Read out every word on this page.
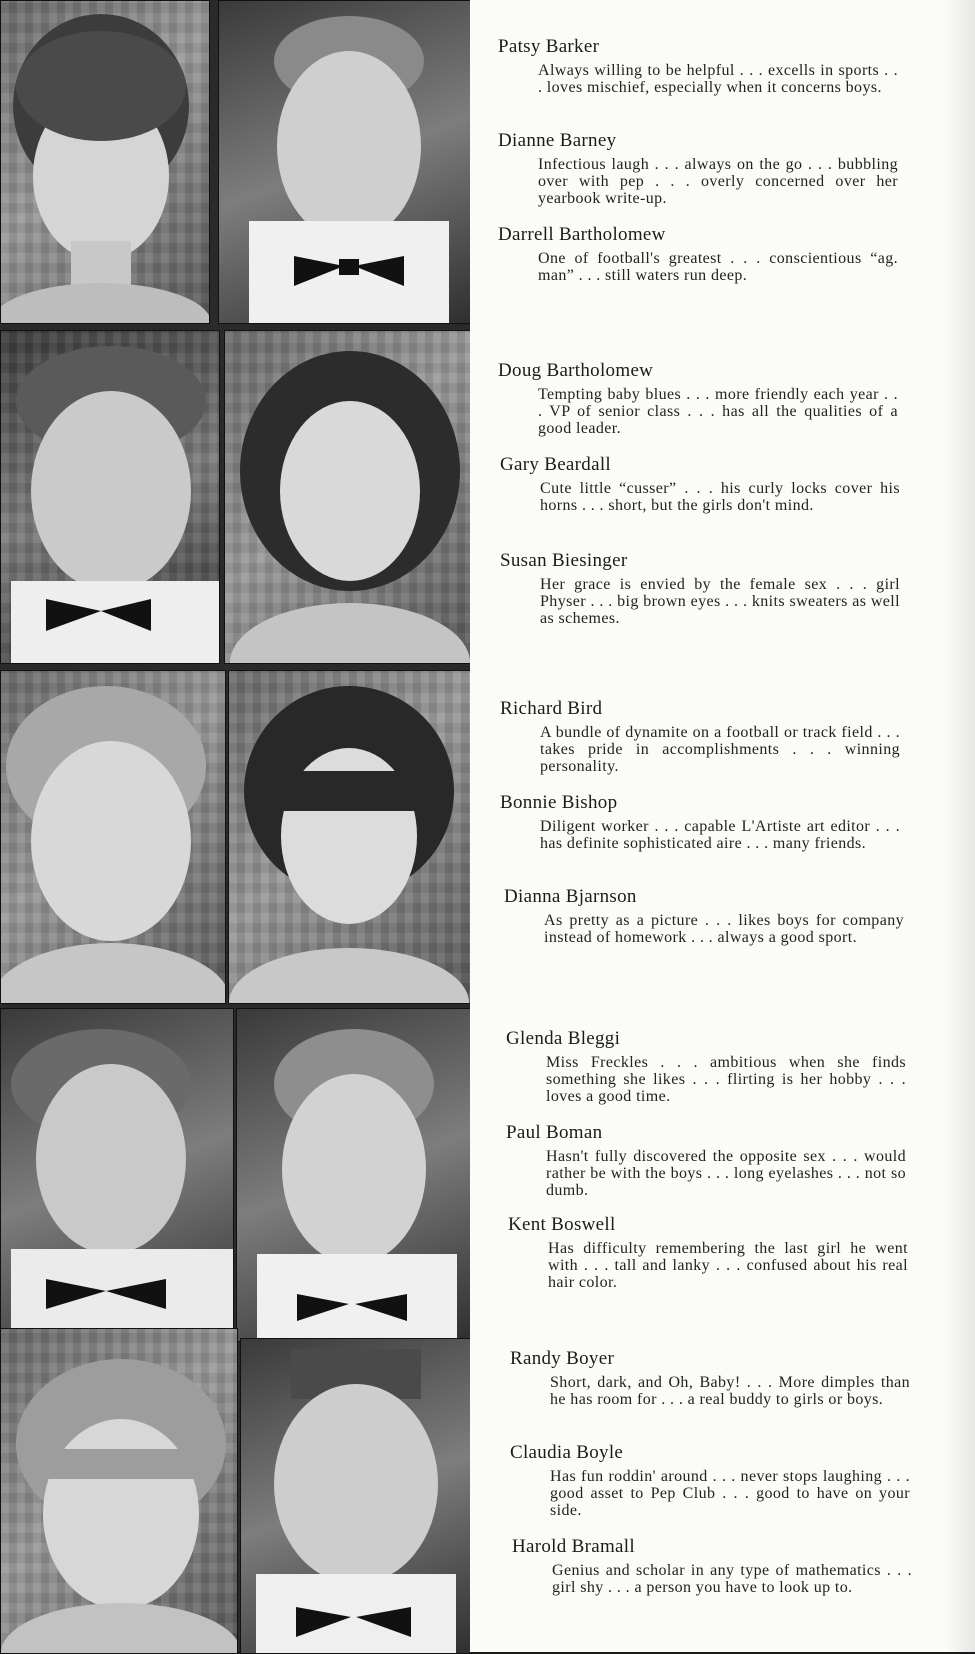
Patsy Barker
Always willing to be helpful . . . excells in sports . . . loves mischief, especially when it concerns boys.
Dianne Barney
Infectious laugh . . . always on the go . . . bubbling over with pep . . . overly concerned over her yearbook write-up.
Darrell Bartholomew
One of football's greatest . . . conscientious “ag. man” . . . still waters run deep.
Doug Bartholomew
Tempting baby blues . . . more friendly each year . . . VP of senior class . . . has all the qualities of a good leader.
Gary Beardall
Cute little “cusser” . . . his curly locks cover his horns . . . short, but the girls don't mind.
Susan Biesinger
Her grace is envied by the female sex . . . girl Physer . . . big brown eyes . . . knits sweaters as well as schemes.
Richard Bird
A bundle of dynamite on a football or track field . . . takes pride in accomplishments . . . winning personality.
Bonnie Bishop
Diligent worker . . . capable L'Artiste art editor . . . has definite sophisticated aire . . . many friends.
Dianna Bjarnson
As pretty as a picture . . . likes boys for company instead of homework . . . always a good sport.
Glenda Bleggi
Miss Freckles . . . ambitious when she finds something she likes . . . flirting is her hobby . . . loves a good time.
Paul Boman
Hasn't fully discovered the opposite sex . . . would rather be with the boys . . . long eyelashes . . . not so dumb.
Kent Boswell
Has difficulty remembering the last girl he went with . . . tall and lanky . . . confused about his real hair color.
Randy Boyer
Short, dark, and Oh, Baby! . . . More dimples than he has room for . . . a real buddy to girls or boys.
Claudia Boyle
Has fun roddin' around . . . never stops laughing . . . good asset to Pep Club . . . good to have on your side.
Harold Bramall
Genius and scholar in any type of mathematics . . . girl shy . . . a person you have to look up to.
